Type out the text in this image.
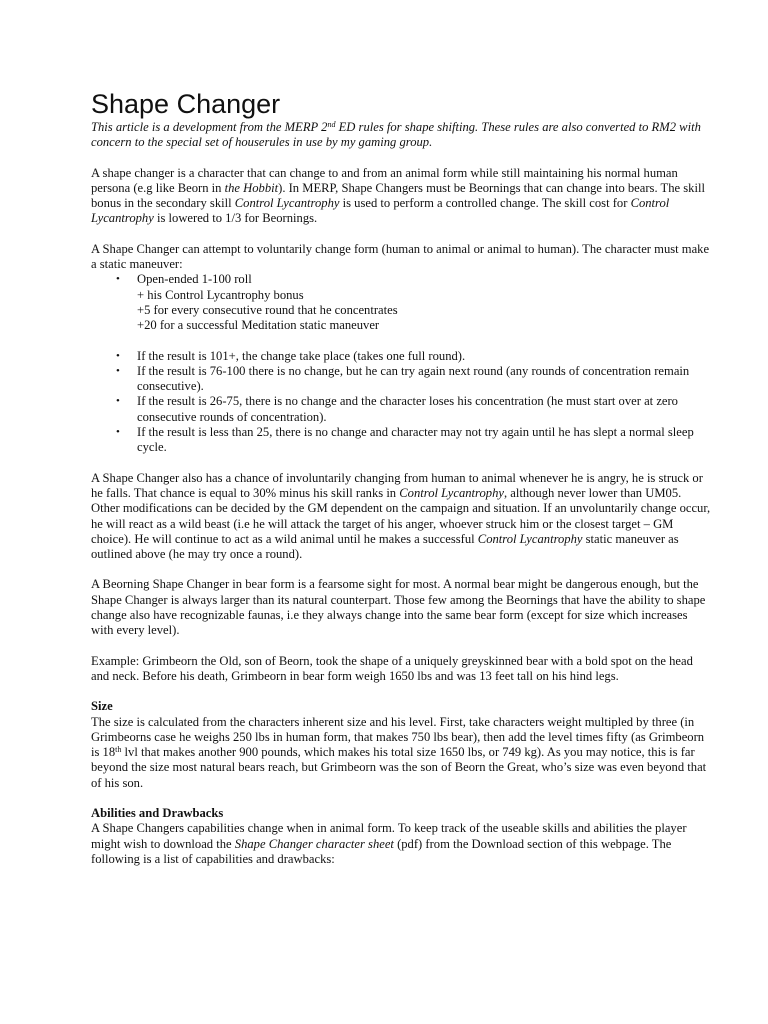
Shape Changer

This article is a development from the MERP 2nd ED rules for shape shifting. These rules are also converted to RM2 with concern to the special set of houserules in use by my gaming group.

A shape changer is a character that can change to and from an animal form while still maintaining his normal human persona (e.g like Beorn in the Hobbit). In MERP, Shape Changers must be Beornings that can change into bears. The skill bonus in the secondary skill Control Lycantrophy is used to perform a controlled change. The skill cost for Control Lycantrophy is lowered to 1/3 for Beornings.

A Shape Changer can attempt to voluntarily change form (human to animal or animal to human). The character must make a static maneuver:

• Open-ended 1-100 roll
+ his Control Lycantrophy bonus
+5 for every consecutive round that he concentrates
+20 for a successful Meditation static maneuver
• If the result is 101+, the change take place (takes one full round).
• If the result is 76-100 there is no change, but he can try again next round (any rounds of concentration remain consecutive).
• If the result is 26-75, there is no change and the character loses his concentration (he must start over at zero consecutive rounds of concentration).
• If the result is less than 25, there is no change and character may not try again until he has slept a normal sleep cycle.

A Shape Changer also has a chance of involuntarily changing from human to animal whenever he is angry, he is struck or he falls. That chance is equal to 30% minus his skill ranks in Control Lycantrophy, although never lower than UM05. Other modifications can be decided by the GM dependent on the campaign and situation. If an unvoluntarily change occur, he will react as a wild beast (i.e he will attack the target of his anger, whoever struck him or the closest target – GM choice). He will continue to act as a wild animal until he makes a successful Control Lycantrophy static maneuver as outlined above (he may try once a round).

A Beorning Shape Changer in bear form is a fearsome sight for most. A normal bear might be dangerous enough, but the Shape Changer is always larger than its natural counterpart. Those few among the Beornings that have the ability to shape change also have recognizable faunas, i.e they always change into the same bear form (except for size which increases with every level).

Example: Grimbeorn the Old, son of Beorn, took the shape of a uniquely greyskinned bear with a bold spot on the head and neck. Before his death, Grimbeorn in bear form weigh 1650 lbs and was 13 feet tall on his hind legs.

Size

The size is calculated from the characters inherent size and his level. First, take characters weight multipled by three (in Grimbeorns case he weighs 250 lbs in human form, that makes 750 lbs bear), then add the level times fifty (as Grimbeorn is 18th lvl that makes another 900 pounds, which makes his total size 1650 lbs, or 749 kg). As you may notice, this is far beyond the size most natural bears reach, but Grimbeorn was the son of Beorn the Great, who’s size was even beyond that of his son.

Abilities and Drawbacks

A Shape Changers capabilities change when in animal form. To keep track of the useable skills and abilities the player might wish to download the Shape Changer character sheet (pdf) from the Download section of this webpage. The following is a list of capabilities and drawbacks:
